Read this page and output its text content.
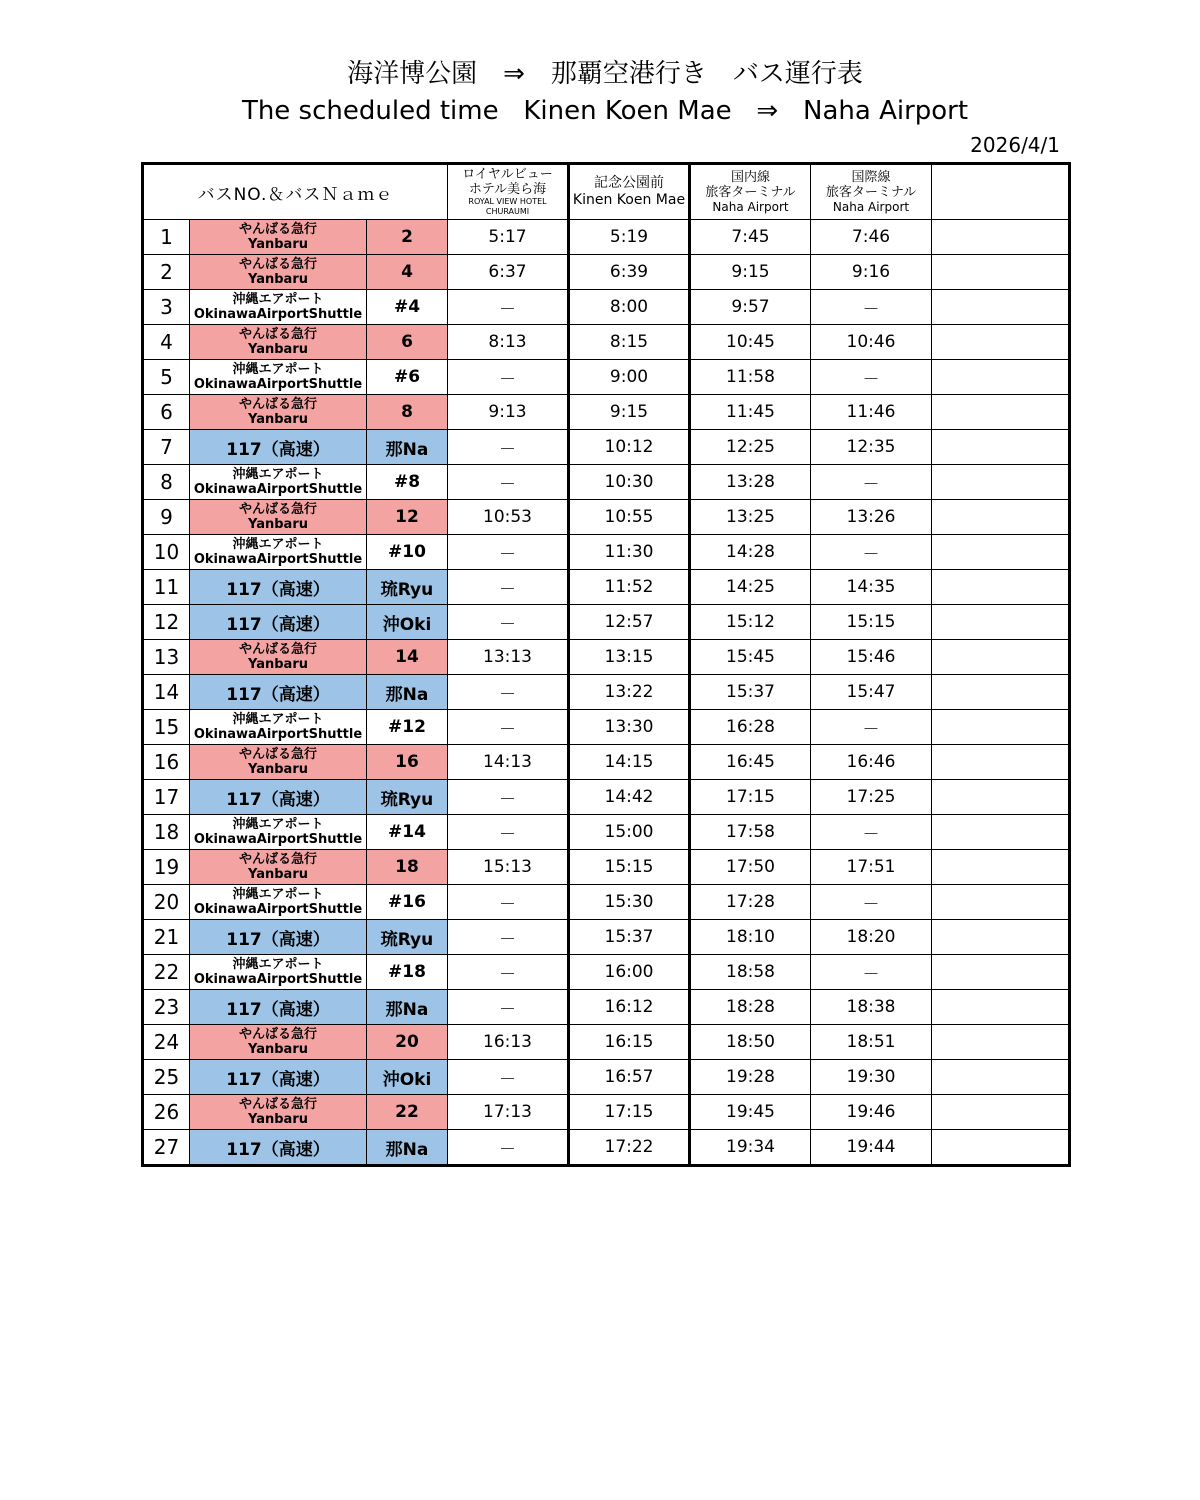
海洋博公園　⇒　那覇空港行き　バス運行表
The scheduled time   Kinen Koen Mae   ⇒   Naha Airport
2026/4/1
バスNO.＆バスＮａｍｅ			ロイヤルビュー
ホテル美ら海
ROYAL VIEW HOTEL
CHURAUMI	記念公園前
Kinen Koen Mae	国内線
旅客ターミナル
Naha Airport	国際線
旅客ターミナル
Naha Airport	

1	やんばる急行
Yanbaru	2	5:17	5:19	7:45	7:46	
2	やんばる急行
Yanbaru	4	6:37	6:39	9:15	9:16	
3	沖縄エアポート
OkinawaAirportShuttle	#4	－	8:00	9:57	－	
4	やんばる急行
Yanbaru	6	8:13	8:15	10:45	10:46	
5	沖縄エアポート
OkinawaAirportShuttle	#6	－	9:00	11:58	－	
6	やんばる急行
Yanbaru	8	9:13	9:15	11:45	11:46	
7	117（高速）	那Na	－	10:12	12:25	12:35	
8	沖縄エアポート
OkinawaAirportShuttle	#8	－	10:30	13:28	－	
9	やんばる急行
Yanbaru	12	10:53	10:55	13:25	13:26	
10	沖縄エアポート
OkinawaAirportShuttle	#10	－	11:30	14:28	－	
11	117（高速）	琉Ryu	－	11:52	14:25	14:35	
12	117（高速）	沖Oki	－	12:57	15:12	15:15	
13	やんばる急行
Yanbaru	14	13:13	13:15	15:45	15:46	
14	117（高速）	那Na	－	13:22	15:37	15:47	
15	沖縄エアポート
OkinawaAirportShuttle	#12	－	13:30	16:28	－	
16	やんばる急行
Yanbaru	16	14:13	14:15	16:45	16:46	
17	117（高速）	琉Ryu	－	14:42	17:15	17:25	
18	沖縄エアポート
OkinawaAirportShuttle	#14	－	15:00	17:58	－	
19	やんばる急行
Yanbaru	18	15:13	15:15	17:50	17:51	
20	沖縄エアポート
OkinawaAirportShuttle	#16	－	15:30	17:28	－	
21	117（高速）	琉Ryu	－	15:37	18:10	18:20	
22	沖縄エアポート
OkinawaAirportShuttle	#18	－	16:00	18:58	－	
23	117（高速）	那Na	－	16:12	18:28	18:38	
24	やんばる急行
Yanbaru	20	16:13	16:15	18:50	18:51	
25	117（高速）	沖Oki	－	16:57	19:28	19:30	
26	やんばる急行
Yanbaru	22	17:13	17:15	19:45	19:46	
27	117（高速）	那Na	－	17:22	19:34	19:44	
